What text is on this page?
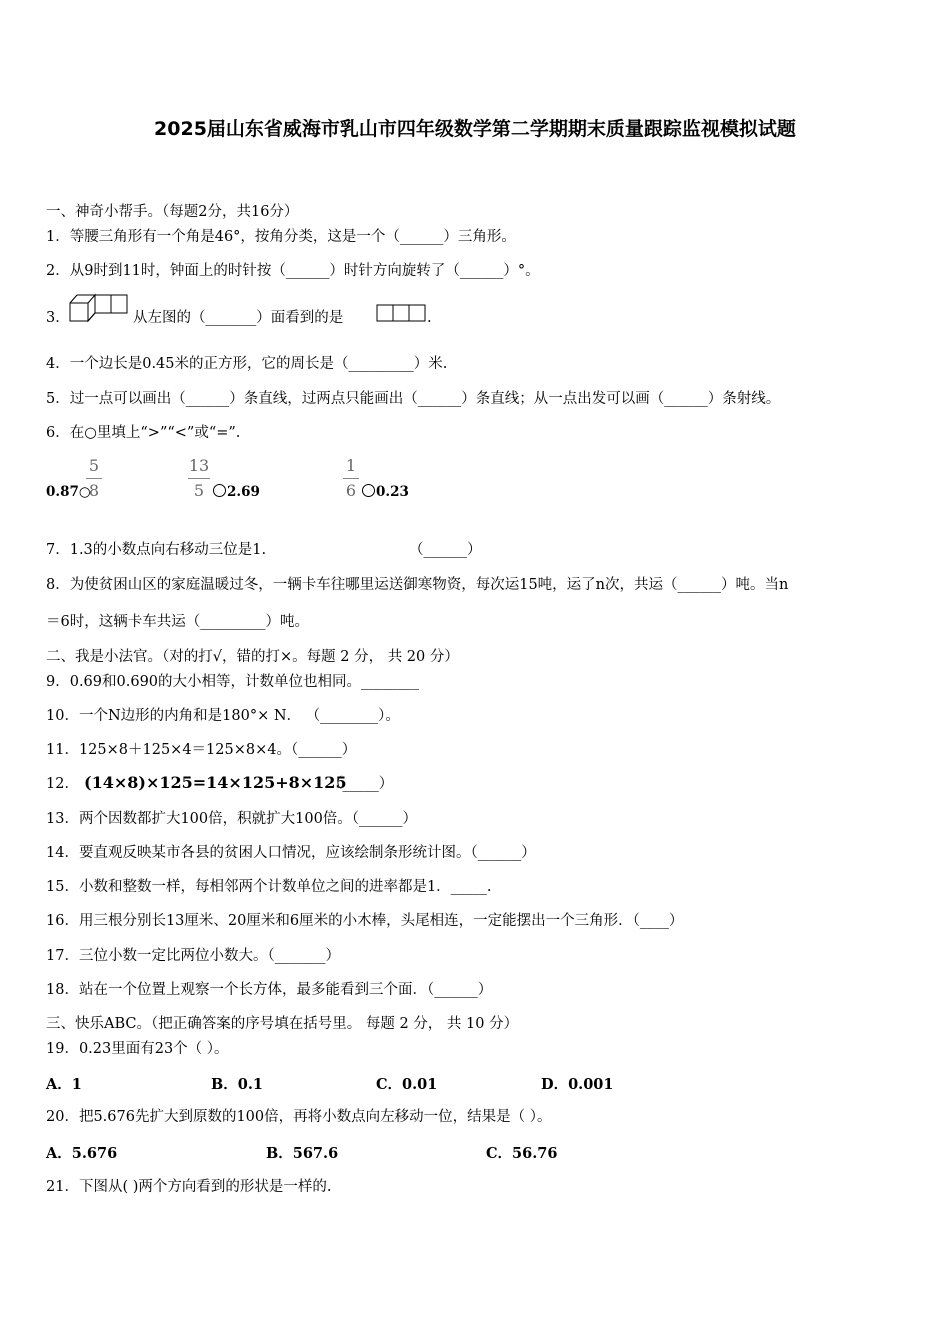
2025届山东省威海市乳山市四年级数学第二学期期末质量跟踪监视模拟试题
一、神奇小帮手。（每题2分，共16分）
1．等腰三角形有一个角是46°，按角分类，这是一个（______）三角形。
2．从9时到11时，钟面上的时针按（______）时针方向旋转了（______）°。
3．	从左图的（_______）面看到的是	.
4．一个边长是0.45米的正方形，它的周长是（_________）米.
5．过一点可以画出（______）条直线，过两点只能画出（______）条直线；从一点出发可以画（______）条射线。
6．在○里填上“>”“<”或“=”.
0.87○
5
8
13
5	2.69
1
6	0.23
7．1.3的小数点向右移动三位是1.	（______）
8．为使贫困山区的家庭温暖过冬，一辆卡车往哪里运送御寒物资，每次运15吨，运了n次，共运（______）吨。当n
＝6时，这辆卡车共运（_________）吨。
二、我是小法官。（对的打√，错的打×。每题 2 分， 共 20 分）
9．0.69和0.690的大小相等，计数单位也相同。________
10．一个N边形的内角和是180°× N． （________）。
11．125×8＋125×4＝125×8×4。（______）
12． (14×8)×125=14×125+8×125
（_____）
13．两个因数都扩大100倍，积就扩大100倍。（______）
14．要直观反映某市各县的贫困人口情况，应该绘制条形统计图。（______）
15．小数和整数一样，每相邻两个计数单位之间的进率都是1．_____.
16．用三根分别长13厘米、20厘米和6厘米的小木棒，头尾相连，一定能摆出一个三角形．（____）
17．三位小数一定比两位小数大。（_______）
18．站在一个位置上观察一个长方体，最多能看到三个面．（______）
三、快乐ABC。（把正确答案的序号填在括号里。 每题 2 分， 共 10 分）
19．0.23里面有23个（ ）。
A．1	B．0.1	C．0.01	D．0.001
20．把5.676先扩大到原数的100倍，再将小数点向左移动一位，结果是（ ）。
A．5.676	B．567.6	C．56.76
21．下图从( )两个方向看到的形状是一样的.
